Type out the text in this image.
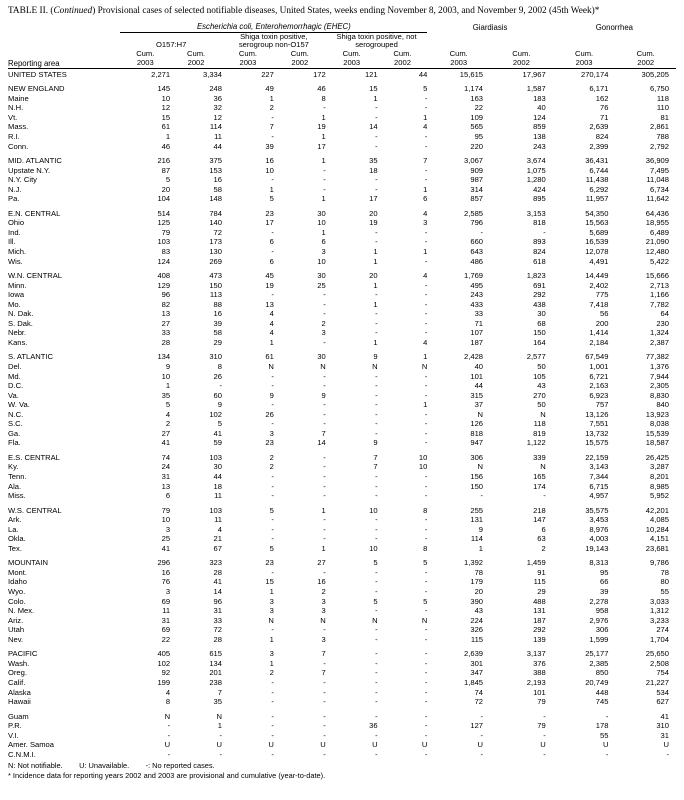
TABLE II. (Continued) Provisional cases of selected notifiable diseases, United States, weeks ending November 8, 2003, and November 9, 2002 (45th Week)*
Reporting area	Escherichia coli, Enterohemorrhagic (EHEC)						Giardiasis		Gonorrhea	
	O157:H7		Shiga toxin positive, serogroup non-O157		Shiga toxin positive, not serogrouped					
	Cum.	Cum.	Cum.	Cum.	Cum.	Cum.	Cum.	Cum.	Cum.	Cum.
	2003	2002	2003	2002	2003	2002	2003	2002	2003	2002

UNITED STATES	2,271	3,334	227	172	121	44	15,615	17,967	270,174	305,205

NEW ENGLAND	145	248	49	46	15	5	1,174	1,587	6,171	6,750
Maine	10	36	1	8	1	-	163	183	162	118
N.H.	12	32	2	-	-	-	22	40	76	110
Vt.	15	12	-	1	-	1	109	124	71	81
Mass.	61	114	7	19	14	4	565	859	2,639	2,861
R.I.	1	11	-	1	-	-	95	138	824	788
Conn.	46	44	39	17	-	-	220	243	2,399	2,792

MID. ATLANTIC	216	375	16	1	35	7	3,067	3,674	36,431	36,909
Upstate N.Y.	87	153	10	-	18	-	909	1,075	6,744	7,495
N.Y. City	5	16	-	-	-	-	987	1,280	11,438	11,048
N.J.	20	58	1	-	-	1	314	424	6,292	6,734
Pa.	104	148	5	1	17	6	857	895	11,957	11,642

E.N. CENTRAL	514	784	23	30	20	4	2,585	3,153	54,350	64,436
Ohio	125	140	17	10	19	3	796	818	15,563	18,955
Ind.	79	72	-	1	-	-	-	-	5,689	6,489
Ill.	103	173	6	6	-	-	660	893	16,539	21,090
Mich.	83	130	-	3	1	1	643	824	12,078	12,480
Wis.	124	269	6	10	1	-	486	618	4,491	5,422

W.N. CENTRAL	408	473	45	30	20	4	1,769	1,823	14,449	15,666
Minn.	129	150	19	25	1	-	495	691	2,402	2,713
Iowa	96	113	-	-	-	-	243	292	775	1,166
Mo.	82	88	13	-	1	-	433	438	7,418	7,782
N. Dak.	13	16	4	-	-	-	33	30	56	64
S. Dak.	27	39	4	2	-	-	71	68	200	230
Nebr.	33	58	4	3	-	-	107	150	1,414	1,324
Kans.	28	29	1	-	1	4	187	164	2,184	2,387

S. ATLANTIC	134	310	61	30	9	1	2,428	2,577	67,549	77,382
Del.	9	8	N	N	N	N	40	50	1,001	1,376
Md.	10	26	-	-	-	-	101	105	6,721	7,944
D.C.	1	-	-	-	-	-	44	43	2,163	2,305
Va.	35	60	9	9	-	-	315	270	6,923	8,830
W. Va.	5	9	-	-	-	1	37	50	757	840
N.C.	4	102	26	-	-	-	N	N	13,126	13,923
S.C.	2	5	-	-	-	-	126	118	7,551	8,038
Ga.	27	41	3	7	-	-	818	819	13,732	15,539
Fla.	41	59	23	14	9	-	947	1,122	15,575	18,587

E.S. CENTRAL	74	103	2	-	7	10	306	339	22,159	26,425
Ky.	24	30	2	-	7	10	N	N	3,143	3,287
Tenn.	31	44	-	-	-	-	156	165	7,344	8,201
Ala.	13	18	-	-	-	-	150	174	6,715	8,985
Miss.	6	11	-	-	-	-	-	-	4,957	5,952

W.S. CENTRAL	79	103	5	1	10	8	255	218	35,575	42,201
Ark.	10	11	-	-	-	-	131	147	3,453	4,085
La.	3	4	-	-	-	-	9	6	8,976	10,284
Okla.	25	21	-	-	-	-	114	63	4,003	4,151
Tex.	41	67	5	1	10	8	1	2	19,143	23,681

MOUNTAIN	296	323	23	27	5	5	1,392	1,459	8,313	9,786
Mont.	16	28	-	-	-	-	78	91	95	78
Idaho	76	41	15	16	-	-	179	115	66	80
Wyo.	3	14	1	2	-	-	20	29	39	55
Colo.	69	96	3	3	5	5	390	488	2,278	3,033
N. Mex.	11	31	3	3	-	-	43	131	958	1,312
Ariz.	31	33	N	N	N	N	224	187	2,976	3,233
Utah	69	72	-	-	-	-	326	292	306	274
Nev.	22	28	1	3	-	-	115	139	1,599	1,704

PACIFIC	405	615	3	7	-	-	2,639	3,137	25,177	25,650
Wash.	102	134	1	-	-	-	301	376	2,385	2,508
Oreg.	92	201	2	7	-	-	347	388	850	754
Calif.	199	238	-	-	-	-	1,845	2,193	20,749	21,227
Alaska	4	7	-	-	-	-	74	101	448	534
Hawaii	8	35	-	-	-	-	72	79	745	627

Guam	N	N	-	-	-	-	-	-	-	41
P.R.	-	1	-	-	36	-	127	79	178	310
V.I.	-	-	-	-	-	-	-	-	55	31
Amer. Samoa	U	U	U	U	U	U	U	U	U	U
C.N.M.I.	-	-	-	-	-	-	-	-	-	-
N: Not notifiable.        U: Unavailable.        -: No reported cases.
* Incidence data for reporting years 2002 and 2003 are provisional and cumulative (year-to-date).
